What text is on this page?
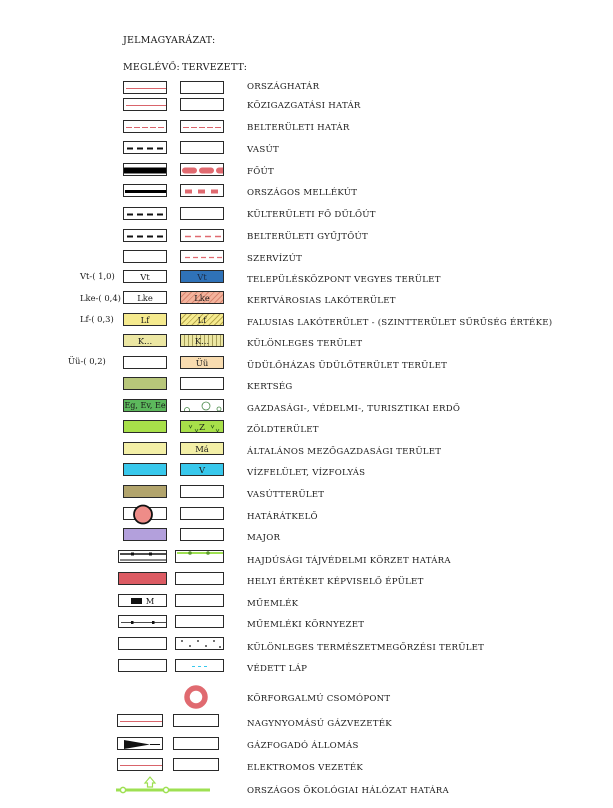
JELMAGYARÁZAT:
MEGLÉVŐ: TERVEZETT:
ORSZÁGHATÁR
KÖZIGAZGATÁSI HATÁR
BELTERÜLETI HATÁR
VASÚT
FŐÚT
ORSZÁGOS MELLÉKÚT
KÜLTERÜLETI FŐ DŰLŐÚT
BELTERÜLETI GYŰJTŐÚT
SZERVÍZÚT
Vt-( 1,0)	Vt	Vt	TELEPÜLÉSKÖZPONT VEGYES TERÜLET
Lke-( 0,4)	Lke	Lke	KERTVÁROSIAS LAKÓTERÜLET
Lf-( 0,3)	Lf	Lf	FALUSIAS LAKÓTERÜLET - (SZINTTERÜLET SŰRŰSÉG ÉRTÉKE)
K...	K...	KÜLÖNLEGES TERÜLET
Üü-( 0,2)	Üü	ÜDÜLŐHÁZAS ÜDÜLŐTERÜLET TERÜLET
KERTSÉG
Eg, Ev, Ee	GAZDASÁGI-, VÉDELMI-, TURISZTIKAI ERDŐ
Z	ZÖLDTERÜLET
Má	ÁLTALÁNOS MEZŐGAZDASÁGI TERÜLET
V	VÍZFELÜLET, VÍZFOLYÁS
VASÚTTERÜLET
HATÁRÁTKELŐ
MAJOR
HAJDÚSÁGI TÁJVÉDELMI KÖRZET HATÁRA
HELYI ÉRTÉKET KÉPVISELŐ ÉPÜLET
M	MŰEMLÉK
MŰEMLÉKI KÖRNYEZET
KÜLÖNLEGES TERMÉSZETMEGŐRZÉSI TERÜLET
VÉDETT LÁP
KÖRFORGALMÚ CSOMÓPONT
NAGYNYOMÁSÚ GÁZVEZETÉK
GÁZFOGADÓ ÁLLOMÁS
ELEKTROMOS VEZETÉK
ORSZÁGOS ÖKOLÓGIAI HÁLÓZAT HATÁRA
